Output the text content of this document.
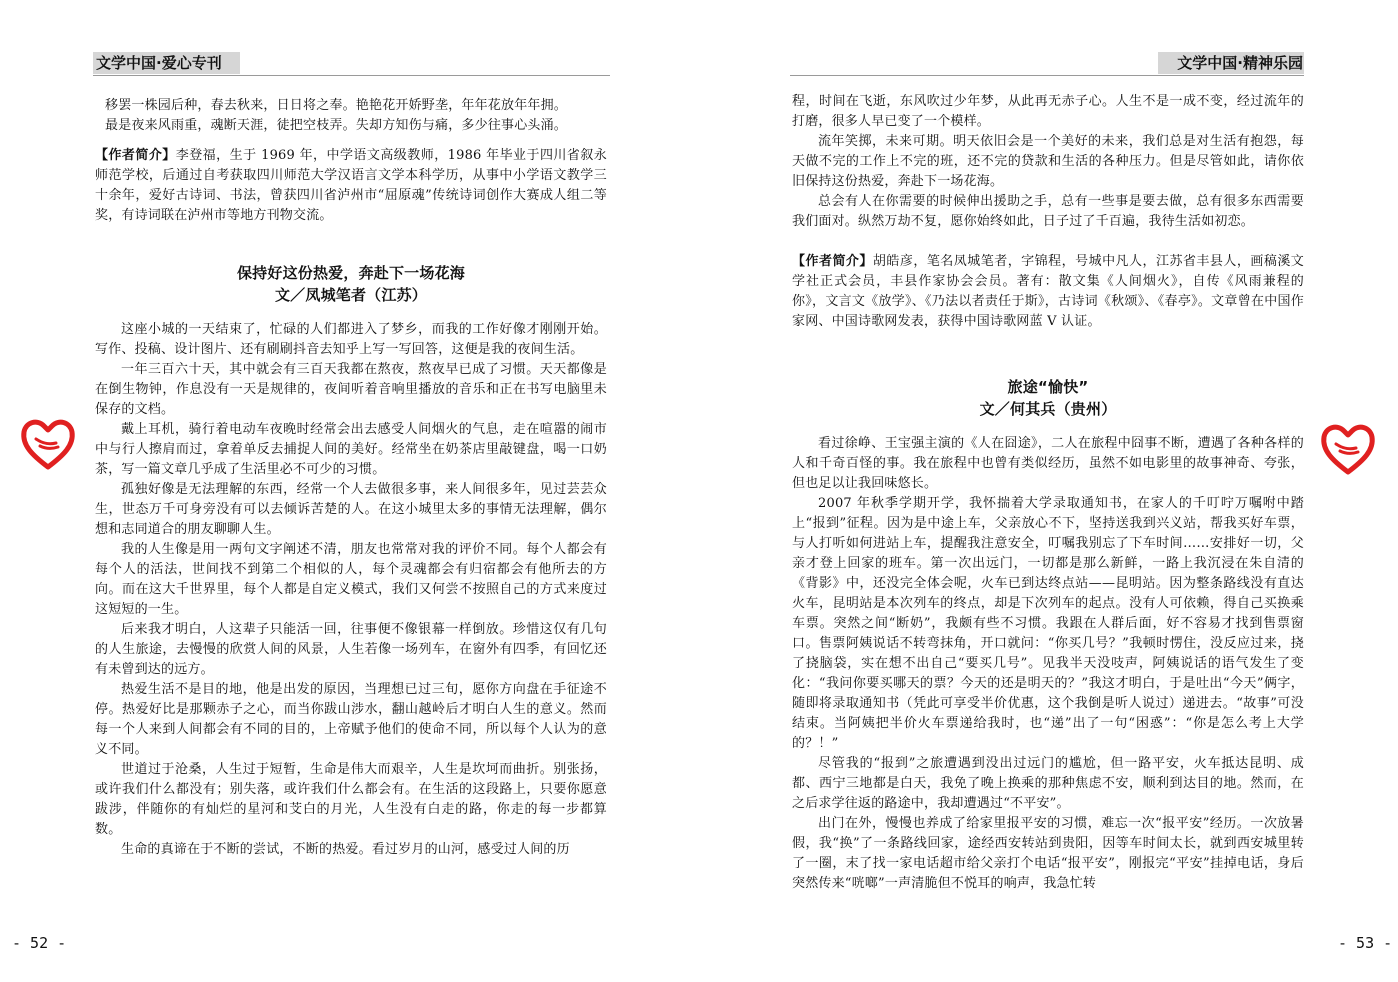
文学中国·爱心专刊

移罢一株园后种，春去秋来，日日将之奉。艳艳花开娇野垄，年年花放年年拥。

最是夜来风雨重，魂断天涯，徒把空枝弄。失却方知伤与痛，多少往事心头涌。

【作者简介】李登福，生于 1969 年，中学语文高级教师，1986 年毕业于四川省叙永师范学校，后通过自考获取四川师范大学汉语言文学本科学历，从事中小学语文教学三十余年，爱好古诗词、书法，曾获四川省泸州市“屈原魂”传统诗词创作大赛成人组二等奖，有诗词联在泸州市等地方刊物交流。

保持好这份热爱，奔赴下一场花海

文／凤城笔者（江苏）

这座小城的一天结束了，忙碌的人们都进入了梦乡，而我的工作好像才刚刚开始。写作、投稿、设计图片、还有刷刷抖音去知乎上写一写回答，这便是我的夜间生活。

一年三百六十天，其中就会有三百天我都在熬夜，熬夜早已成了习惯。天天都像是在倒生物钟，作息没有一天是规律的，夜间听着音响里播放的音乐和正在书写电脑里未保存的文档。

戴上耳机，骑行着电动车夜晚时经常会出去感受人间烟火的气息，走在喧嚣的闹市中与行人擦肩而过，拿着单反去捕捉人间的美好。经常坐在奶茶店里敲键盘，喝一口奶茶，写一篇文章几乎成了生活里必不可少的习惯。

孤独好像是无法理解的东西，经常一个人去做很多事，来人间很多年，见过芸芸众生，世态万千可身旁没有可以去倾诉苦楚的人。在这小城里太多的事情无法理解，偶尔想和志同道合的朋友聊聊人生。

我的人生像是用一两句文字阐述不清，朋友也常常对我的评价不同。每个人都会有每个人的活法，世间找不到第二个相似的人，每个灵魂都会有归宿都会有他所去的方向。而在这大千世界里，每个人都是自定义模式，我们又何尝不按照自己的方式来度过这短短的一生。

后来我才明白，人这辈子只能活一回，往事便不像银幕一样倒放。珍惜这仅有几句的人生旅途，去慢慢的欣赏人间的风景，人生若像一场列车，在窗外有四季，有回忆还有未曾到达的远方。

热爱生活不是目的地，他是出发的原因，当理想已过三旬，愿你方向盘在手征途不停。热爱好比是那颗赤子之心，而当你跋山涉水，翻山越岭后才明白人生的意义。然而每一个人来到人间都会有不同的目的，上帝赋予他们的使命不同，所以每个人认为的意义不同。

世道过于沧桑，人生过于短暂，生命是伟大而艰辛，人生是坎坷而曲折。别张扬，或许我们什么都没有；别失落，或许我们什么都会有。在生活的这段路上，只要你愿意跋涉，伴随你的有灿烂的星河和芠白的月光，人生没有白走的路，你走的每一步都算数。

生命的真谛在于不断的尝试，不断的热爱。看过岁月的山河，感受过人间的历

- 52 -
文学中国·精神乐园

程，时间在飞逝，东风吹过少年梦，从此再无赤子心。人生不是一成不变，经过流年的打磨，很多人早已变了一个模样。

流年笑掷，未来可期。明天依旧会是一个美好的未来，我们总是对生活有抱怨，每天做不完的工作上不完的班，还不完的贷款和生活的各种压力。但是尽管如此，请你依旧保持这份热爱，奔赴下一场花海。

总会有人在你需要的时候伸出援助之手，总有一些事是要去做，总有很多东西需要我们面对。纵然万劫不复，愿你始终如此，日子过了千百遍，我待生活如初恋。

【作者简介】胡皓彦，笔名凤城笔者，字锦程，号城中凡人，江苏省丰县人，画稿溪文学社正式会员，丰县作家协会会员。著有：散文集《人间烟火》，自传《风雨兼程的你》，文言文《放学》、《乃法以者责任于斯》，古诗词《秋颂》、《春亭》。文章曾在中国作家网、中国诗歌网发表，获得中国诗歌网蓝 V 认证。

旅途“愉快”

文／何其兵（贵州）

看过徐峥、王宝强主演的《人在囧途》，二人在旅程中囧事不断，遭遇了各种各样的人和千奇百怪的事。我在旅程中也曾有类似经历，虽然不如电影里的故事神奇、夸张，但也足以让我回味悠长。

2007 年秋季学期开学，我怀揣着大学录取通知书，在家人的千叮咛万嘱咐中踏上“报到”征程。因为是中途上车，父亲放心不下，坚持送我到兴义站，帮我买好车票，与人打听如何进站上车，提醒我注意安全，叮嘱我别忘了下车时间……安排好一切，父亲才登上回家的班车。第一次出远门，一切都是那么新鲜，一路上我沉浸在朱自清的《背影》中，还没完全体会呢，火车已到达终点站——昆明站。因为整条路线没有直达火车，昆明站是本次列车的终点，却是下次列车的起点。没有人可依赖，得自己买换乘车票。突然之间“断奶”，我颇有些不习惯。我跟在人群后面，好不容易才找到售票窗口。售票阿姨说话不转弯抹角，开口就问：“你买几号？”我顿时愣住，没反应过来，挠了挠脑袋，实在想不出自己“要买几号”。见我半天没吱声，阿姨说话的语气发生了变化：“我问你要买哪天的票？今天的还是明天的？”我这才明白，于是吐出“今天”俩字，随即将录取通知书（凭此可享受半价优惠，这个我倒是听人说过）递进去。“故事”可没结束。当阿姨把半价火车票递给我时，也“递”出了一句“困惑”：“你是怎么考上大学的？！”

尽管我的“报到”之旅遭遇到没出过远门的尴尬，但一路平安，火车抵达昆明、成都、西宁三地都是白天，我免了晚上换乘的那种焦虑不安，顺利到达目的地。然而，在之后求学往返的路途中，我却遭遇过“不平安”。

出门在外，慢慢也养成了给家里报平安的习惯，难忘一次“报平安”经历。一次放暑假，我“换”了一条路线回家，途经西安转站到贵阳，因等车时间太长，就到西安城里转了一圈，末了找一家电话超市给父亲打个电话“报平安”，刚报完“平安”挂掉电话，身后突然传来“咣啷”一声清脆但不悦耳的响声，我急忙转

- 53 -
